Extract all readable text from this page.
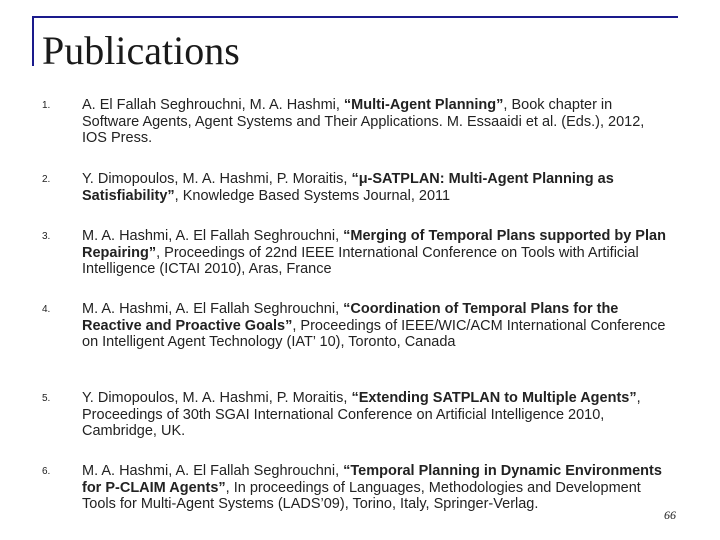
Publications
1. A. El Fallah Seghrouchni, M. A. Hashmi, “Multi-Agent Planning”, Book chapter in Software Agents, Agent Systems and Their Applications. M. Essaaidi et al. (Eds.), 2012, IOS Press.
2. Y. Dimopoulos, M. A. Hashmi, P. Moraitis, “μ-SATPLAN: Multi-Agent Planning as Satisfiability”, Knowledge Based Systems Journal, 2011
3. M. A. Hashmi, A. El Fallah Seghrouchni, “Merging of Temporal Plans supported by Plan Repairing”, Proceedings of 22nd IEEE International Conference on Tools with Artificial Intelligence (ICTAI 2010), Aras, France
4. M. A. Hashmi, A. El Fallah Seghrouchni, “Coordination of Temporal Plans for the Reactive and Proactive Goals”, Proceedings of IEEE/WIC/ACM International Conference on Intelligent Agent Technology (IAT’ 10), Toronto, Canada
5. Y. Dimopoulos, M. A. Hashmi, P. Moraitis, “Extending SATPLAN to Multiple Agents”, Proceedings of 30th SGAI International Conference on Artificial Intelligence 2010, Cambridge, UK.
6. M. A. Hashmi, A. El Fallah Seghrouchni, “Temporal Planning in Dynamic Environments for P-CLAIM Agents”, In proceedings of Languages, Methodologies and Development Tools for Multi-Agent Systems (LADS’09), Torino, Italy, Springer-Verlag.
66
